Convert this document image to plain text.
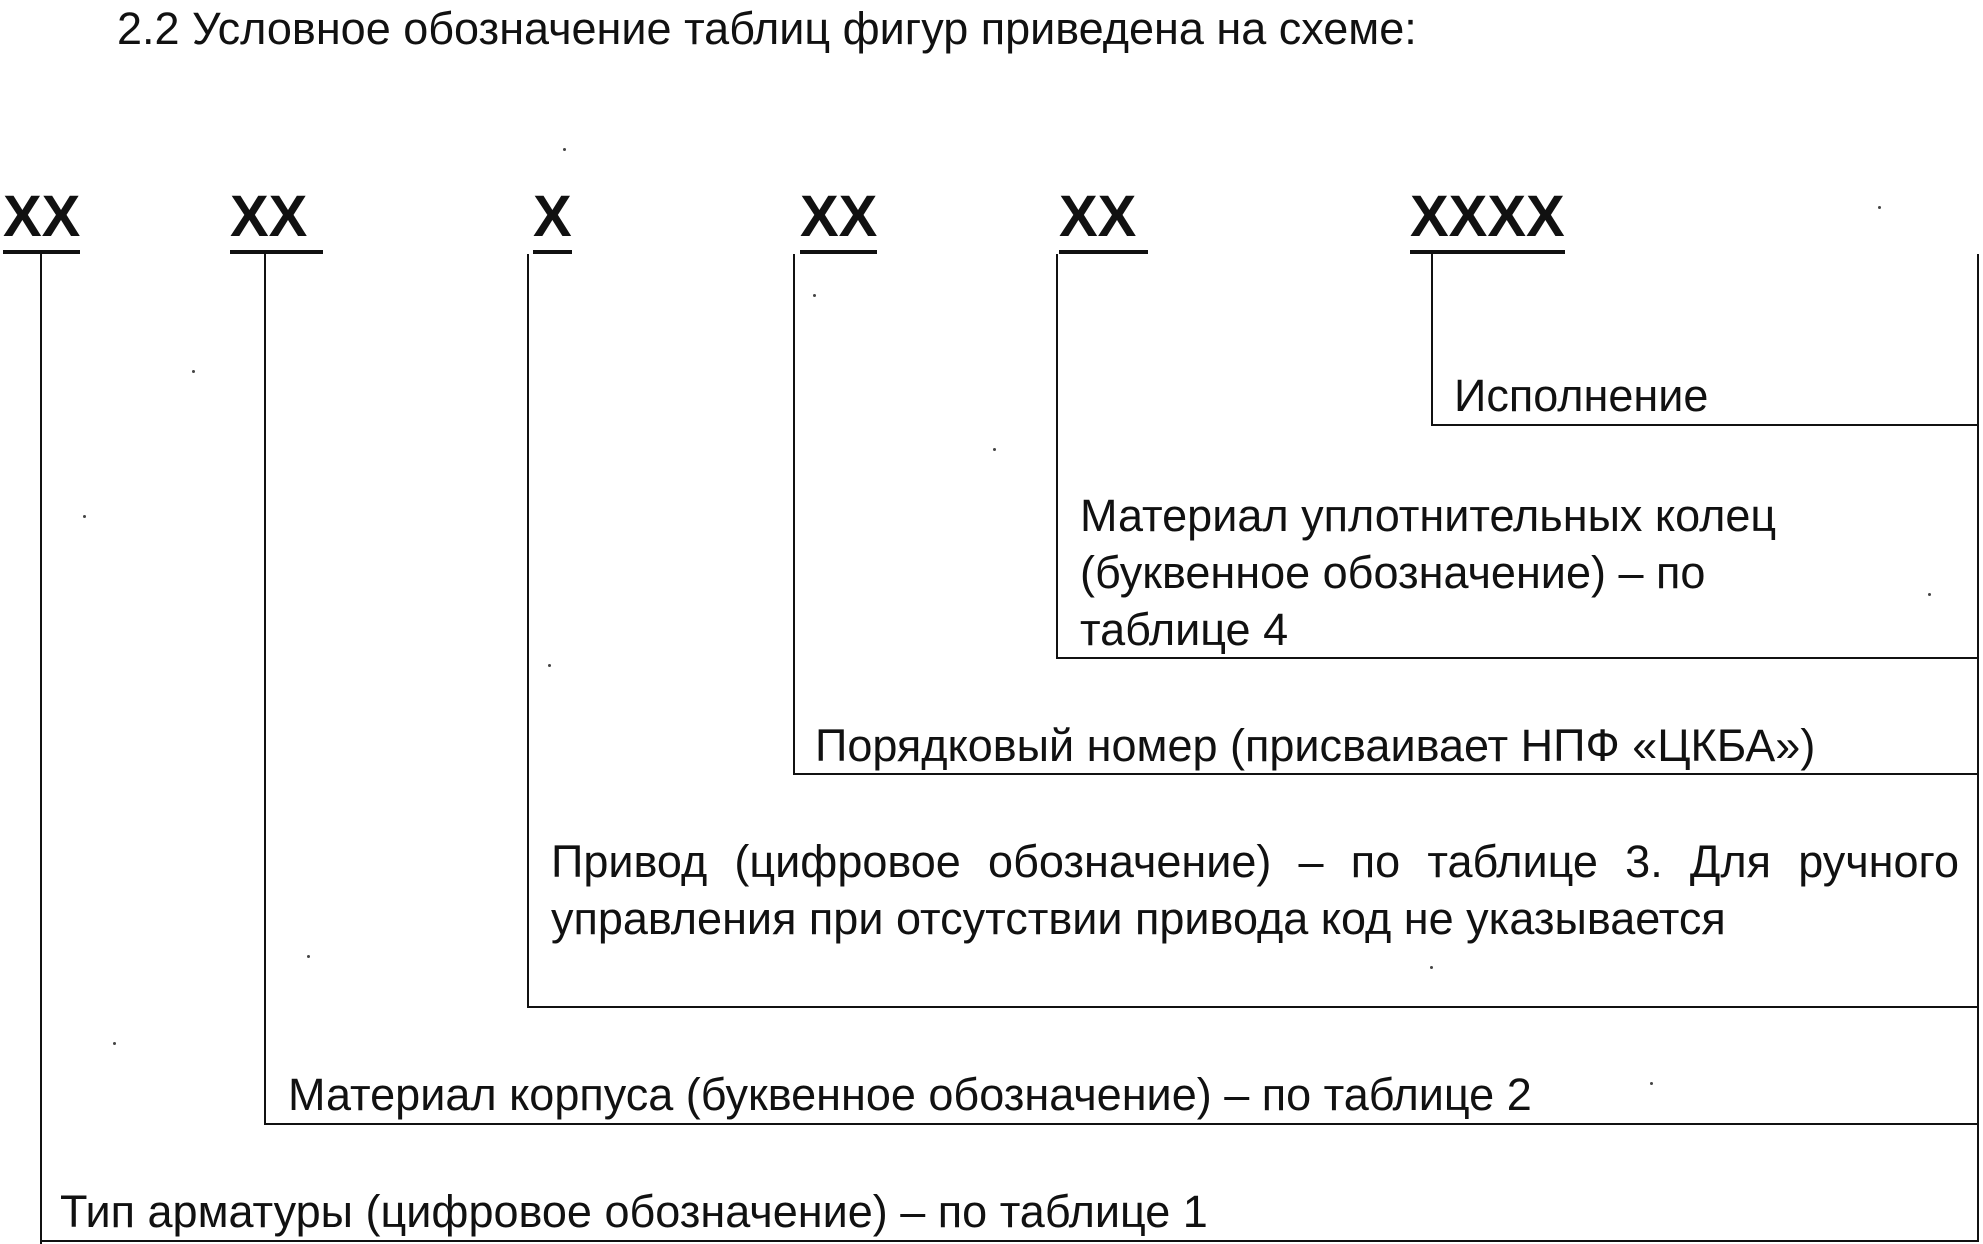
2.2 Условное обозначение таблиц фигур приведена на схеме:
XX	XX	X	XX	XX	XXXX
Исполнение
Материал уплотнительных колец
(буквенное обозначение) – по
таблице 4
Порядковый номер (присваивает НПФ «ЦКБА»)
Привод (цифровое обозначение) – по таблице 3. Для ручного управления при отсутствии привода код не указывается
Материал корпуса (буквенное обозначение) – по таблице 2
Тип арматуры (цифровое обозначение) – по таблице 1
